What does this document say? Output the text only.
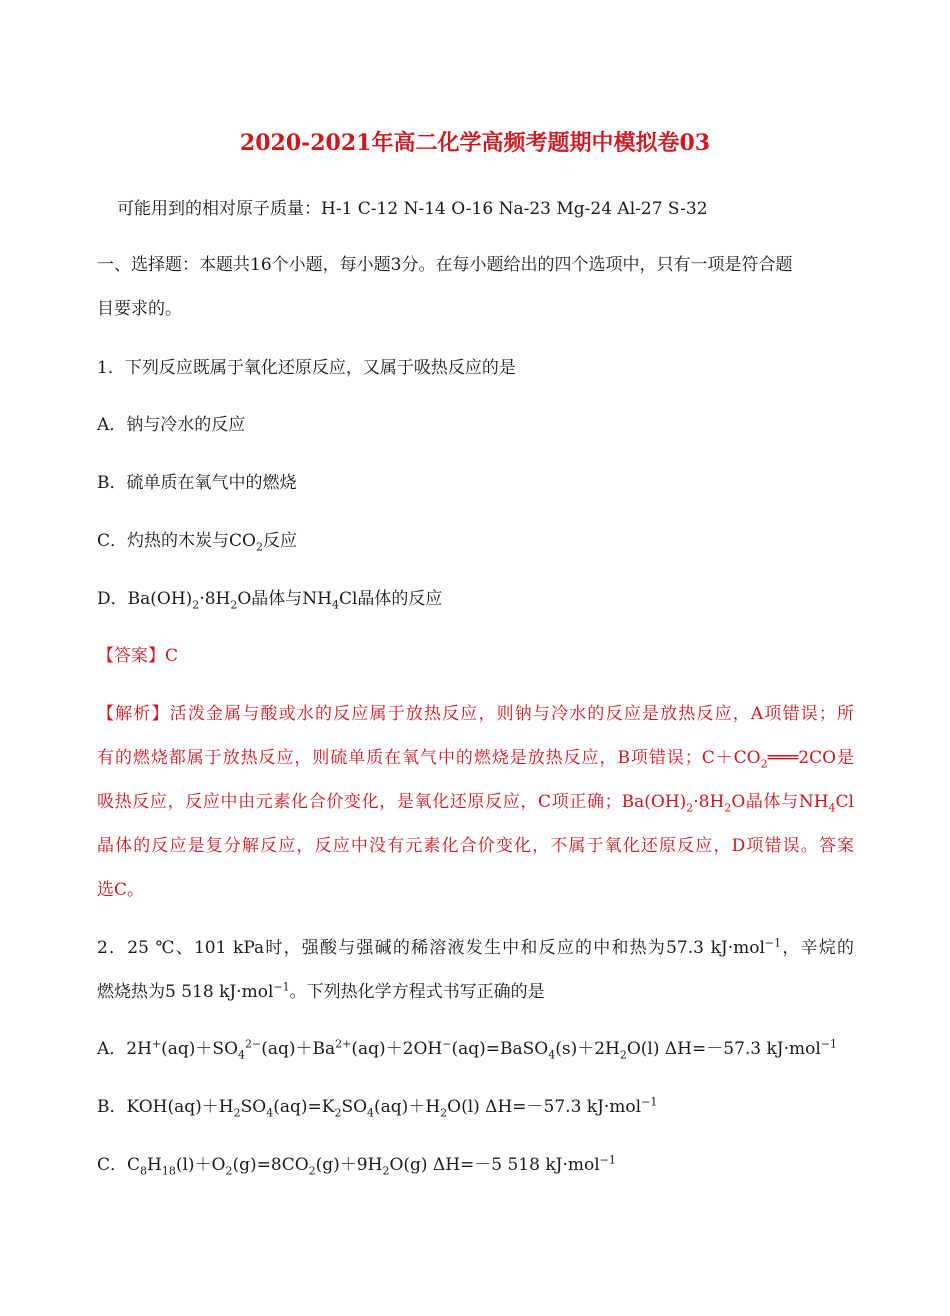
2020-2021年高二化学高频考题期中模拟卷03
可能用到的相对原子质量：H-1 C-12 N-14 O-16 Na-23 Mg-24 Al-27 S-32
一、选择题：本题共16个小题，每小题3分。在每小题给出的四个选项中，只有一项是符合题
目要求的。
1．下列反应既属于氧化还原反应，又属于吸热反应的是
A．钠与冷水的反应
B．硫单质在氧气中的燃烧
C．灼热的木炭与$CO_2$反应
D．$Ba(OH)_2\cdot 8H_2O$晶体与$NH_4Cl$晶体的反应
【答案】C
【解析】活泼金属与酸或水的反应属于放热反应，则钠与冷水的反应是放热反应，A项错误；所
有的燃烧都属于放热反应，则硫单质在氧气中的燃烧是放热反应，B项错误；$C+CO_2═══2CO$是
吸热反应，反应中由元素化合价变化，是氧化还原反应，C项正确；$Ba(OH)_2\cdot 8H_2O$晶体与$NH_4Cl$
晶体的反应是复分解反应，反应中没有元素化合价变化，不属于氧化还原反应，D项错误。答案
选C。
2．25 ℃、101 kPa时，强酸与强碱的稀溶液发生中和反应的中和热为57.3 kJ·mol$^{-1}$，辛烷的
燃烧热为5 518 kJ·mol$^{-1}$。下列热化学方程式书写正确的是
A．$2H^+(aq)+SO_4^{2-}(aq)+Ba^{2+}(aq)+2OH^-(aq)=BaSO_4(s)+2H_2O(l)$ ΔH=－57.3 kJ·mol$^{-1}$
B．$KOH(aq)+H_2SO_4(aq)=K_2SO_4(aq)+H_2O(l)$ ΔH=－57.3 kJ·mol$^{-1}$
C．$C_8H_{18}(l)+O_2(g)=8CO_2(g)+9H_2O(g)$ ΔH=－5 518 kJ·mol$^{-1}$
